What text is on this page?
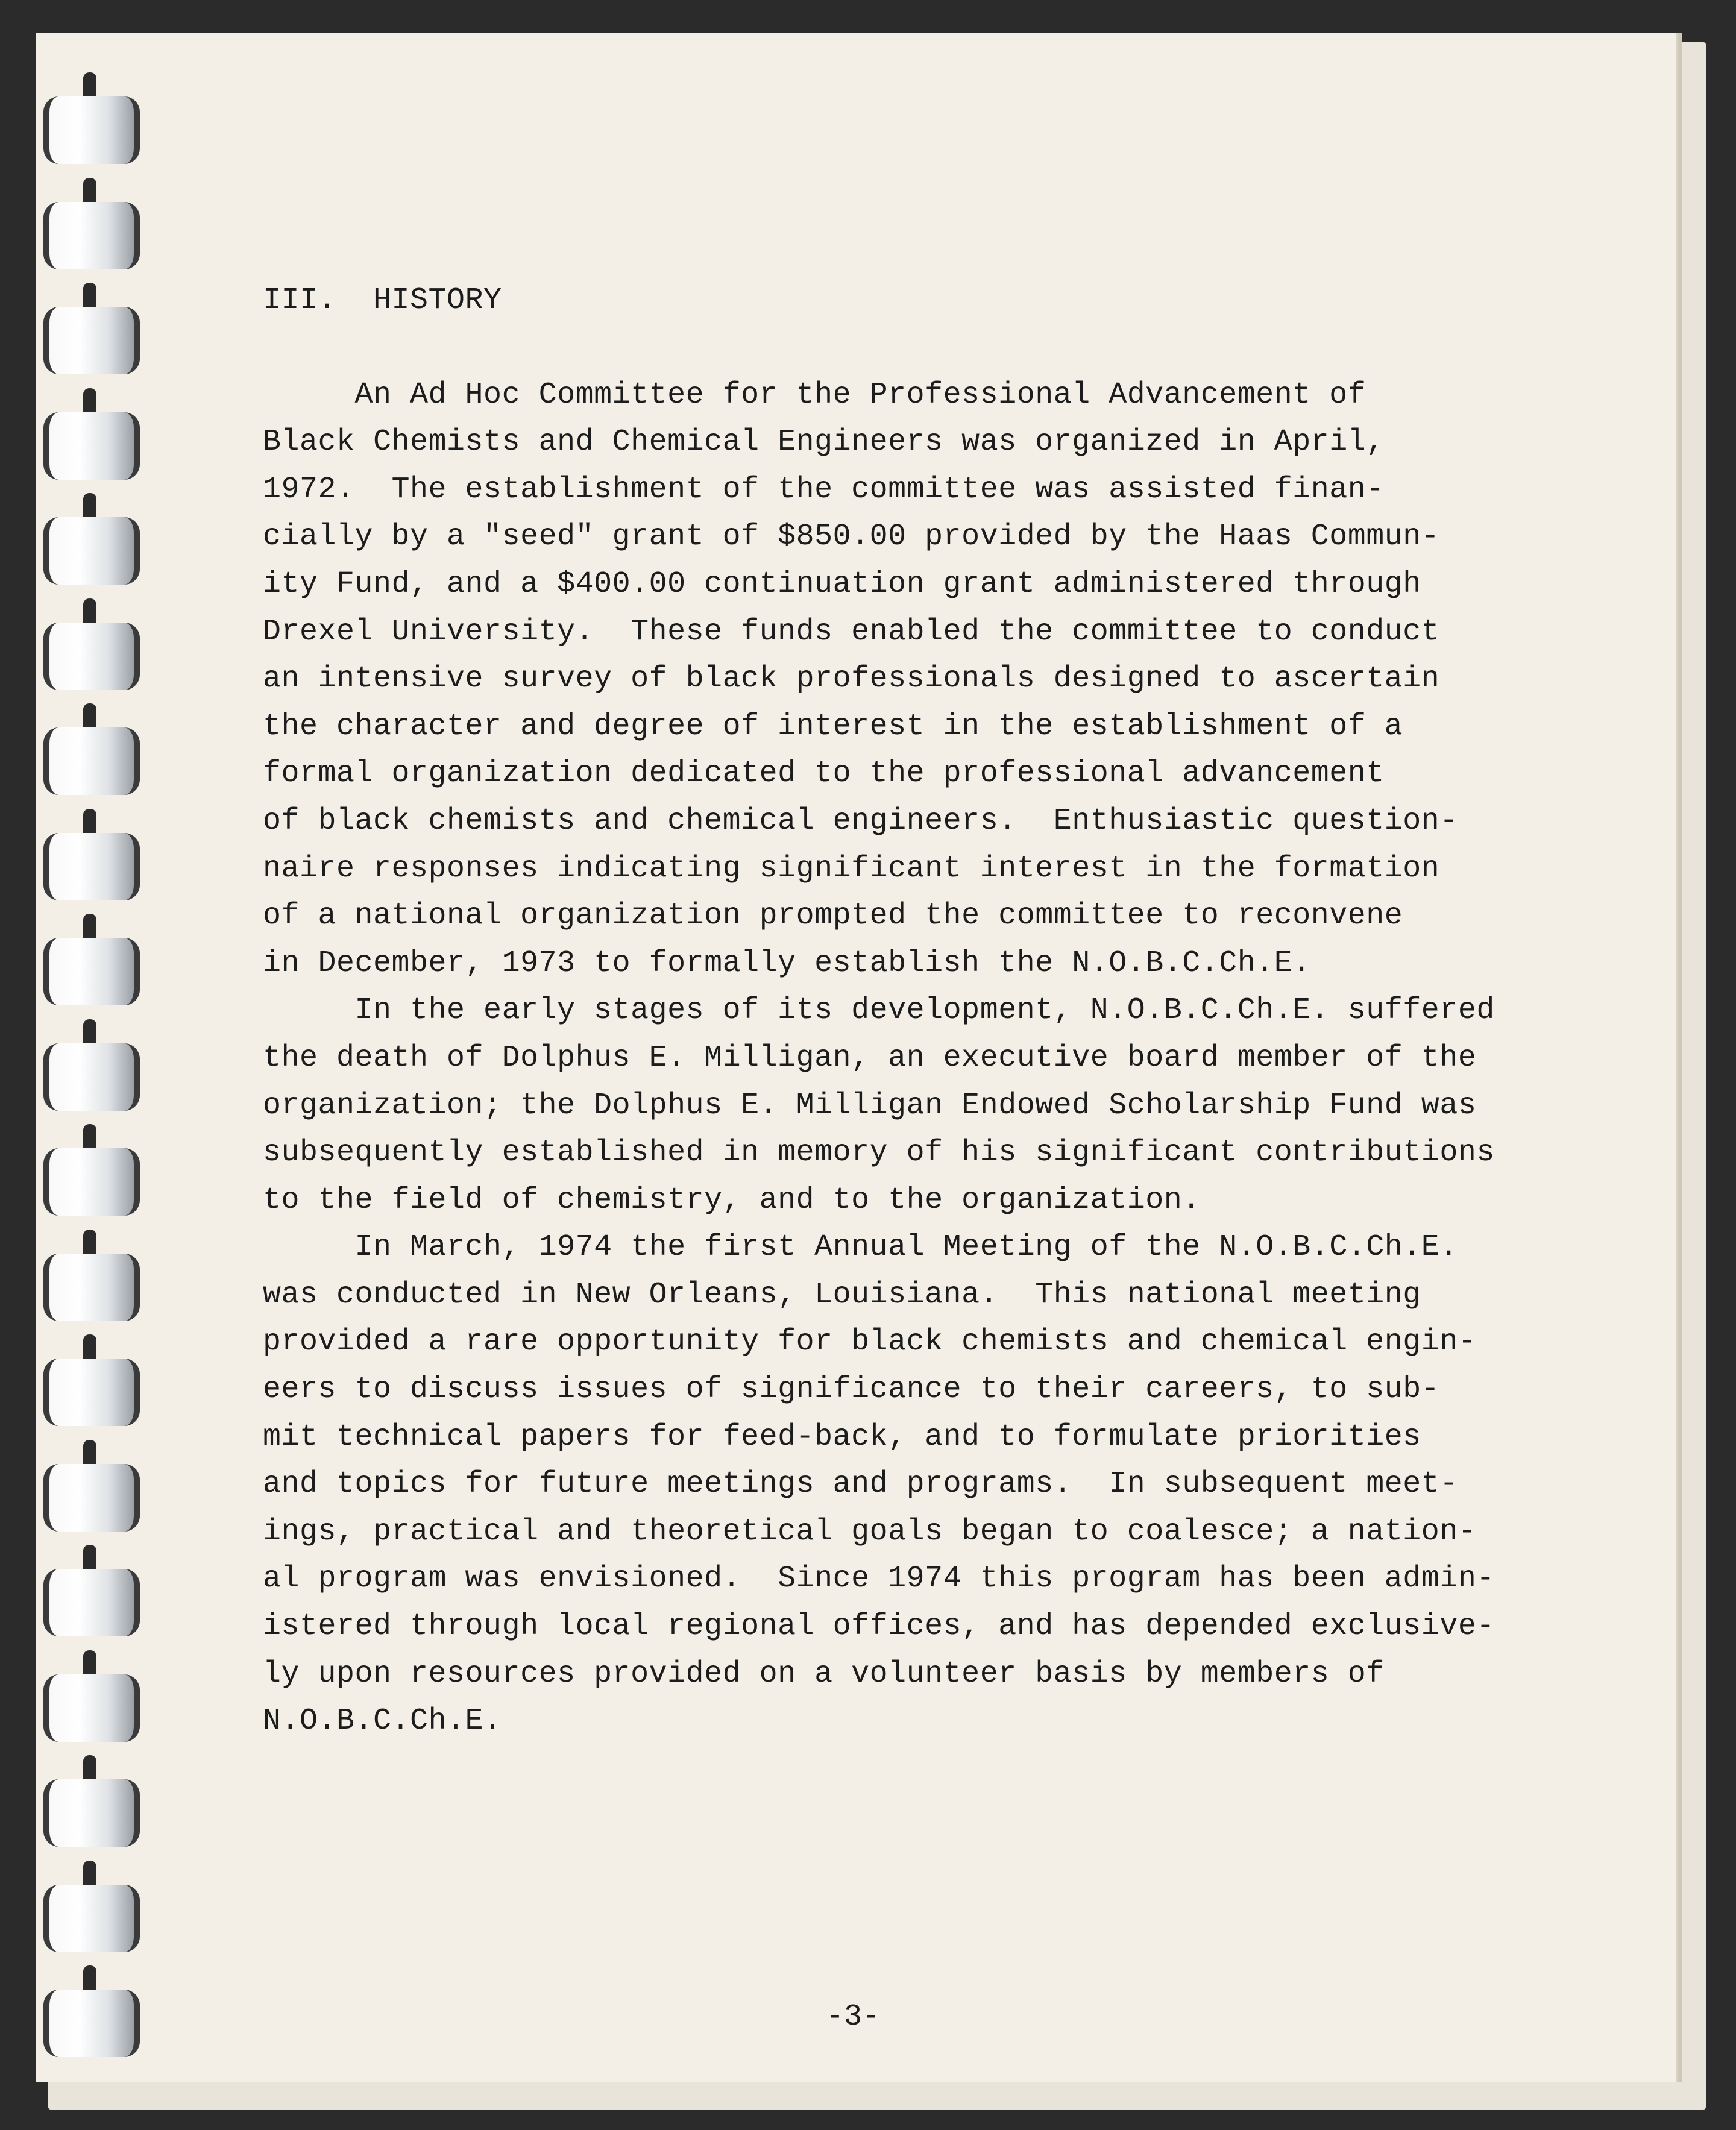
III.  HISTORY
An Ad Hoc Committee for the Professional Advancement of
Black Chemists and Chemical Engineers was organized in April,
1972.  The establishment of the committee was assisted finan-
cially by a "seed" grant of $850.00 provided by the Haas Commun-
ity Fund, and a $400.00 continuation grant administered through
Drexel University.  These funds enabled the committee to conduct
an intensive survey of black professionals designed to ascertain
the character and degree of interest in the establishment of a
formal organization dedicated to the professional advancement
of black chemists and chemical engineers.  Enthusiastic question-
naire responses indicating significant interest in the formation
of a national organization prompted the committee to reconvene
in December, 1973 to formally establish the N.O.B.C.Ch.E.
In the early stages of its development, N.O.B.C.Ch.E. suffered
the death of Dolphus E. Milligan, an executive board member of the
organization; the Dolphus E. Milligan Endowed Scholarship Fund was
subsequently established in memory of his significant contributions
to the field of chemistry, and to the organization.
In March, 1974 the first Annual Meeting of the N.O.B.C.Ch.E.
was conducted in New Orleans, Louisiana.  This national meeting
provided a rare opportunity for black chemists and chemical engin-
eers to discuss issues of significance to their careers, to sub-
mit technical papers for feed-back, and to formulate priorities
and topics for future meetings and programs.  In subsequent meet-
ings, practical and theoretical goals began to coalesce; a nation-
al program was envisioned.  Since 1974 this program has been admin-
istered through local regional offices, and has depended exclusive-
ly upon resources provided on a volunteer basis by members of
N.O.B.C.Ch.E.
-3-
